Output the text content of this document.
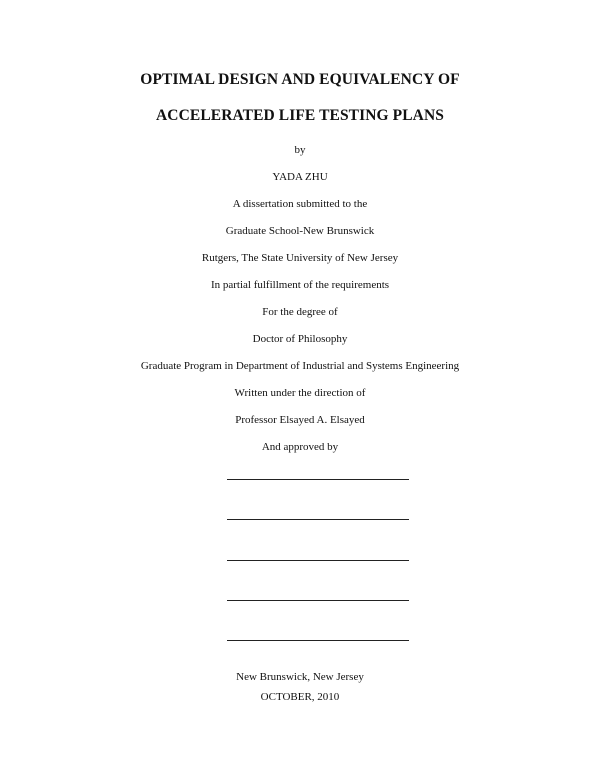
OPTIMAL DESIGN AND EQUIVALENCY OF
ACCELERATED LIFE TESTING PLANS
by
YADA ZHU
A dissertation submitted to the
Graduate School-New Brunswick
Rutgers, The State University of New Jersey
In partial fulfillment of the requirements
For the degree of
Doctor of Philosophy
Graduate Program in Department of Industrial and Systems Engineering
Written under the direction of
Professor Elsayed A. Elsayed
And approved by
New Brunswick, New Jersey
OCTOBER, 2010
